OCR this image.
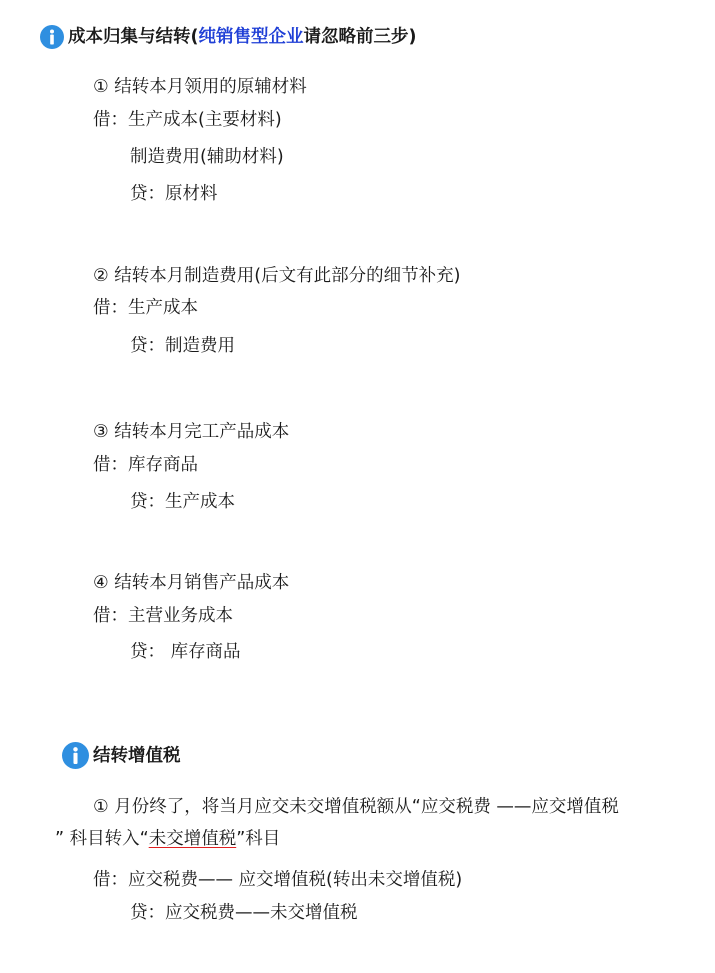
成本归集与结转( 纯销售型企业 请忽略前三步)
① 结转本月领用的原辅材料
借：生产成本(主要材料)
制造费用(辅助材料)
贷：原材料
② 结转本月制造费用(后文有此部分的细节补充)
借：生产成本
贷：制造费用
③ 结转本月完工产品成本
借：库存商品
贷：生产成本
④ 结转本月销售产品成本
借：主营业务成本
贷： 库存商品
结转增值税
① 月份终了，将当月应交未交增值税额从“应交税费 ——应交增值税
” 科目转入“未交增值税”科目
借：应交税费—— 应交增值税(转出未交增值税)
贷：应交税费——未交增值税
